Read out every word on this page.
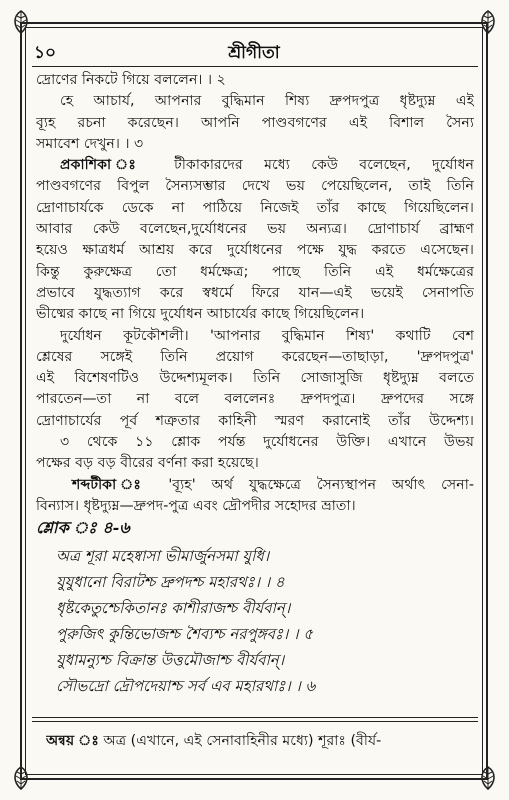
১০	শ্রীগীতা
দ্রোণের নিকটে গিয়ে বললেন। । ২
হে আচার্য, আপনার বুদ্ধিমান শিষ্য দ্রুপদপুত্র ধৃষ্টদ্যুম্ন এই
ব্যূহ রচনা করেছেন। আপনি পাণ্ডবগণের এই বিশাল সৈন্য
সমাবেশ দেখুন। । ৩
প্রকাশিকা ঃ টীকাকারদের মধ্যে কেউ বলেছেন, দুর্যোধন
পাণ্ডবগণের বিপুল সৈন্যসম্ভার দেখে ভয় পেয়েছিলেন, তাই তিনি
দ্রোণাচার্যকে ডেকে না পাঠিয়ে নিজেই তাঁর কাছে গিয়েছিলেন।
আবার কেউ বলেছেন,দুর্যোধনের ভয় অন্যত্র। দ্রোণাচার্য ব্রাহ্মণ
হয়েও ক্ষাত্রধর্ম আশ্রয় করে দুর্যোধনের পক্ষে যুদ্ধ করতে এসেছেন।
কিন্তু কুরুক্ষেত্র তো ধর্মক্ষেত্র; পাছে তিনি এই ধর্মক্ষেত্রের
প্রভাবে যুদ্ধত্যাগ করে স্বধর্মে ফিরে যান—এই ভয়েই সেনাপতি
ভীষ্মের কাছে না গিয়ে দুর্যোধন আচার্যের কাছে গিয়েছিলেন।
দুর্যোধন কূটকৌশলী। 'আপনার বুদ্ধিমান শিষ্য' কথাটি বেশ
শ্লেষের সঙ্গেই তিনি প্রয়োগ করেছেন—তাছাড়া, 'দ্রুপদপুত্র'
এই বিশেষণটিও উদ্দেশ্যমূলক। তিনি সোজাসুজি ধৃষ্টদ্যুম্ন বলতে
পারতেন—তা না বলে বললেনঃ দ্রুপদপুত্র। দ্রুপদের সঙ্গে
দ্রোণাচার্যের পূর্ব শত্রুতার কাহিনী স্মরণ করানোই তাঁর উদ্দেশ্য।
৩ থেকে ১১ শ্লোক পর্যন্ত দুর্যোধনের উক্তি। এখানে উভয়
পক্ষের বড় বড় বীরের বর্ণনা করা হয়েছে।
শব্দটীকা ঃ 'ব্যূহ' অর্থ যুদ্ধক্ষেত্রে সৈন্যস্থাপন অর্থাৎ সেনা-
বিন্যাস। ধৃষ্টদ্যুম্ন—দ্রুপদ-পুত্র এবং দ্রৌপদীর সহোদর ভ্রাতা।
শ্লোক ঃ ৪-৬
অত্র শূরা মহেষ্বাসা ভীমার্জুনসমা যুধি।
যুযুধানো বিরাটশ্চ দ্রুপদশ্চ মহারথঃ। । ৪
ধৃষ্টকেতুশ্চেকিতানঃ কাশীরাজশ্চ বীর্যবান্।
পুরুজিৎ কুন্তিভোজশ্চ শৈব্যশ্চ নরপুঙ্গবঃ। । ৫
যুধামন্যুশ্চ বিক্রান্ত উত্তমৌজাশ্চ বীর্যবান্।
সৌভদ্রো দ্রৌপদেয়াশ্চ সর্ব এব মহারথাঃ। । ৬
অন্বয় ঃ অত্র (এখানে, এই সেনাবাহিনীর মধ্যে) শূরাঃ (বীর্য-
